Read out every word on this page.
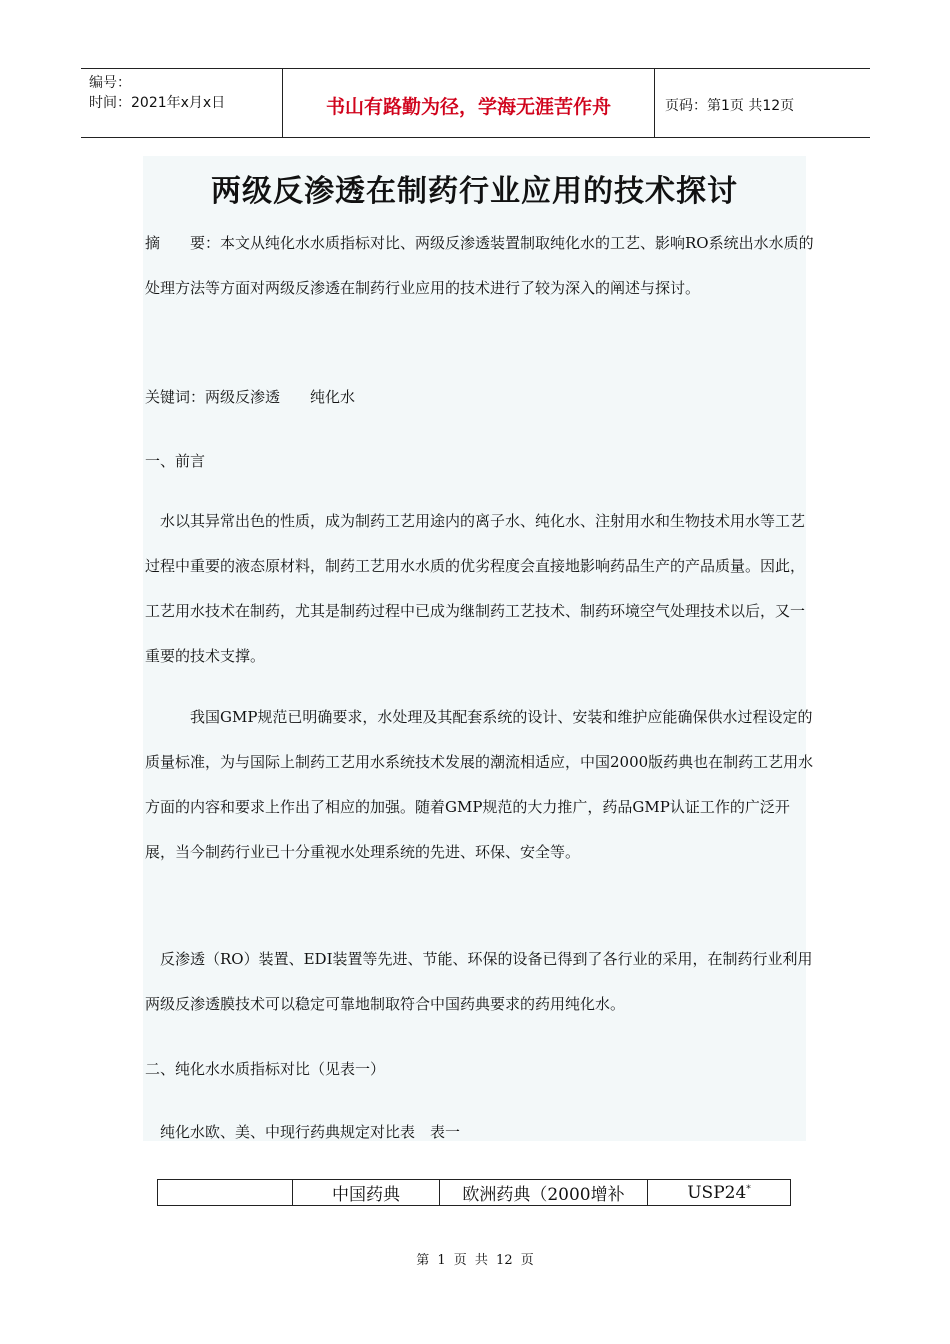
编号：
时间：2021年x月x日	书山有路勤为径，学海无涯苦作舟	页码：第1页 共12页
两级反渗透在制药行业应用的技术探讨

摘　　要：本文从纯化水水质指标对比、两级反渗透装置制取纯化水的工艺、影响RO系统出水水质的处理方法等方面对两级反渗透在制药行业应用的技术进行了较为深入的阐述与探讨。

关键词：两级反渗透　　纯化水

一、前言

　水以其异常出色的性质，成为制药工艺用途内的离子水、纯化水、注射用水和生物技术用水等工艺过程中重要的液态原材料，制药工艺用水水质的优劣程度会直接地影响药品生产的产品质量。因此，工艺用水技术在制药，尤其是制药过程中已成为继制药工艺技术、制药环境空气处理技术以后，又一重要的技术支撑。

　　　我国GMP规范已明确要求，水处理及其配套系统的设计、安装和维护应能确保供水过程设定的质量标准，为与国际上制药工艺用水系统技术发展的潮流相适应，中国2000版药典也在制药工艺用水方面的内容和要求上作出了相应的加强。随着GMP规范的大力推广，药品GMP认证工作的广泛开展，当今制药行业已十分重视水处理系统的先进、环保、安全等。

　反渗透（RO）装置、EDI装置等先进、节能、环保的设备已得到了各行业的采用，在制药行业利用两级反渗透膜技术可以稳定可靠地制取符合中国药典要求的药用纯化水。

二、纯化水水质指标对比（见表一）

　纯化水欧、美、中现行药典规定对比表　表一

	中国药典	欧洲药典（2000增补	USP24*
第 1 页 共 12 页
